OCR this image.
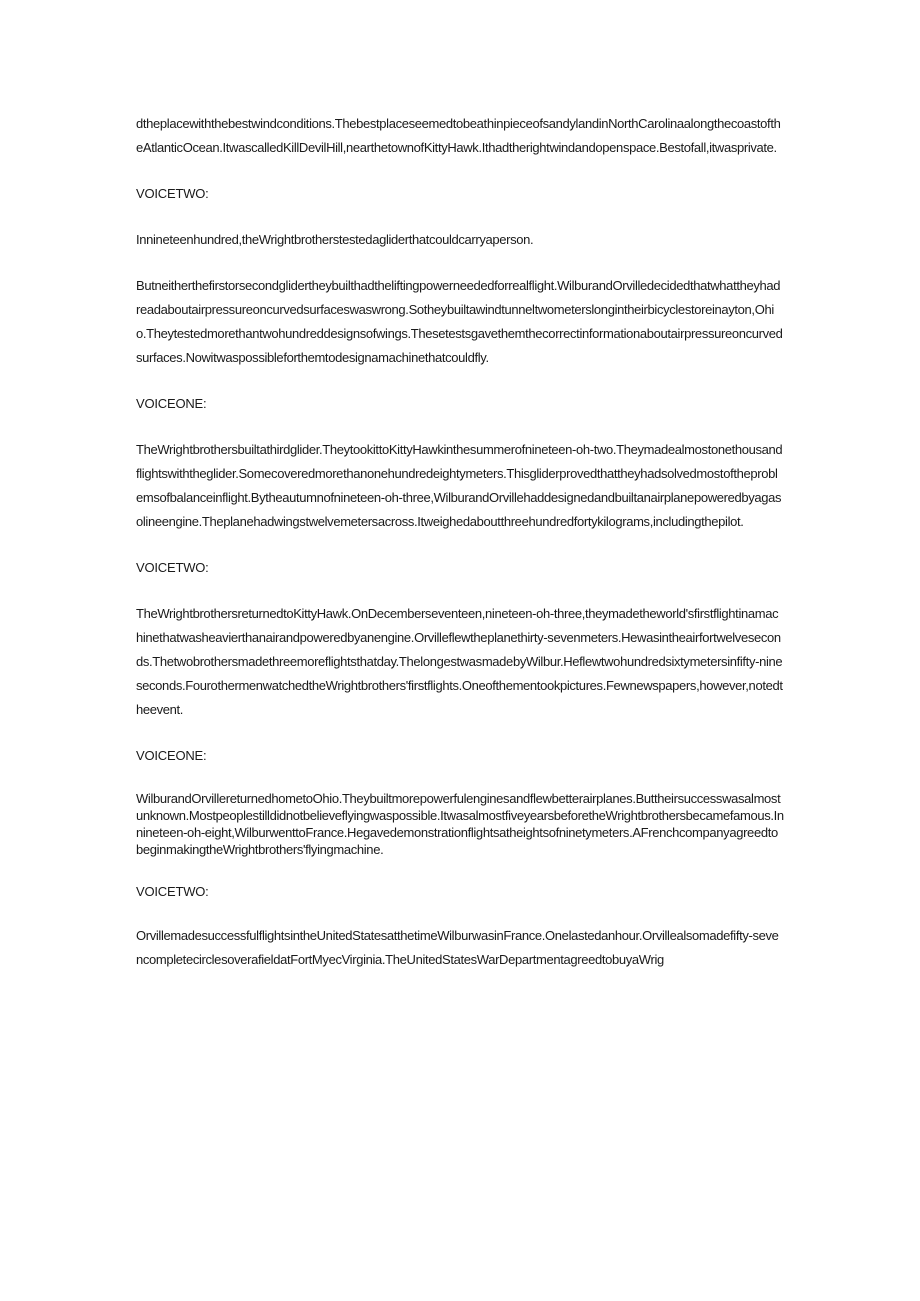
dtheplacewiththebestwindconditions.ThebestplaceseemedtobeathinpieceofsandylandinNorthCarolinaalongthecoastoftheAtlanticOcean.ItwascalledKillDevilHill,nearthetownofKittyHawk.Ithadtherightwindandopenspace.Bestofall,itwasprivate.

VOICETWO:

Innineteenhundred,theWrightbrotherstestedagliderthatcouldcarryaperson.

Butneitherthefirstorsecondglidertheybuilthadtheliftingpowerneededforrealflight.WilburandOrvilledecidedthatwhattheyhadreadaboutairpressureoncurvedsurfaceswaswrong.Sotheybuiltawindtunneltwometerslongintheirbicyclestoreinayton,Ohio.Theytestedmorethantwohundreddesignsofwings.Thesetestsgavethemthecorrectinformationaboutairpressureoncurvedsurfaces.Nowitwaspossibleforthemtodesignamachinethatcouldfly.

VOICEONE:

TheWrightbrothersbuiltathirdglider.TheytookittoKittyHawkinthesummerofnineteen-oh-two.Theymadealmostonethousandflightswiththeglider.Somecoveredmorethanonehundredeightymeters.Thisgliderprovedthattheyhadsolvedmostoftheproblemsofbalanceinflight.Bytheautumnofnineteen-oh-three,WilburandOrvillehaddesignedandbuiltanairplanepoweredbyagasolineengine.Theplanehadwingstwelvemetersacross.Itweighedaboutthreehundredfortykilograms,includingthepilot.

VOICETWO:

TheWrightbrothersreturnedtoKittyHawk.OnDecemberseventeen,nineteen-oh-three,theymadetheworld'sfirstflightinamachinethatwasheavierthanairandpoweredbyanengine.Orvilleflewtheplanethirty-sevenmeters.Hewasintheairfortwelveseconds.Thetwobrothersmadethreemoreflightsthatday.ThelongestwasmadebyWilbur.Heflewtwohundredsixtymetersinfifty-nineseconds.FourothermenwatchedtheWrightbrothers'firstflights.Oneofthementookpictures.Fewnewspapers,however,notedtheevent.

VOICEONE:

WilburandOrvillereturnedhometoOhio.Theybuiltmorepowerfulenginesandflewbetterairplanes.Buttheirsuccesswasalmostunknown.Mostpeoplestilldidnotbelieveflyingwaspossible.ItwasalmostfiveyearsbeforetheWrightbrothersbecamefamous.Innineteen-oh-eight,WilburwenttoFrance.Hegavedemonstrationflightsatheightsofninetymeters.AFrenchcompanyagreedtobeginmakingtheWrightbrothers'flyingmachine.

VOICETWO:

OrvillemadesuccessfulflightsintheUnitedStatesatthetimeWilburwasinFrance.Onelastedanhour.Orvillealsomadefifty-sevencompletecirclesoverafieldatFortMyecVirginia.TheUnitedStatesWarDepartmentagreedtobuyaWrig
